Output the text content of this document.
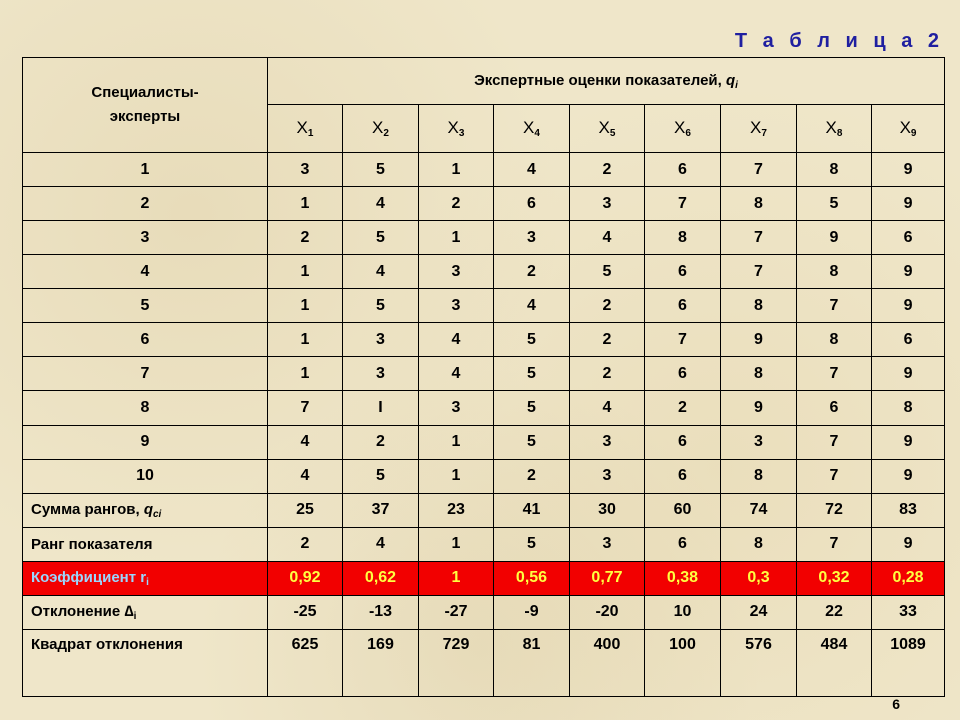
Т а б л и ц а 2
Специалисты-эксперты	Экспертные оценки показателей, $q_i$
	$X_1$	$X_2$	$X_3$	$X_4$	$X_5$	$X_6$	$X_7$	$X_8$	$X_9$
1	3	5	1	4	2	6	7	8	9
2	1	4	2	6	3	7	8	5	9
3	2	5	1	3	4	8	7	9	6
4	1	4	3	2	5	6	7	8	9
5	1	5	3	4	2	6	8	7	9
6	1	3	4	5	2	7	9	8	6
7	1	3	4	5	2	6	8	7	9
8	7	I	3	5	4	2	9	6	8
9	4	2	1	5	3	6	3	7	9
10	4	5	1	2	3	6	8	7	9
Сумма рангов, $q_{ci}$	25	37	23	41	30	60	74	72	83
Ранг показателя	2	4	1	5	3	6	8	7	9
Коэффициент $r_i$	0,92	0,62	1	0,56	0,77	0,38	0,3	0,32	0,28
Отклонение $\Delta_i$	-25	-13	-27	-9	-20	10	24	22	33
Квадрат отклонения	625	169	729	81	400	100	576	484	1089
6
